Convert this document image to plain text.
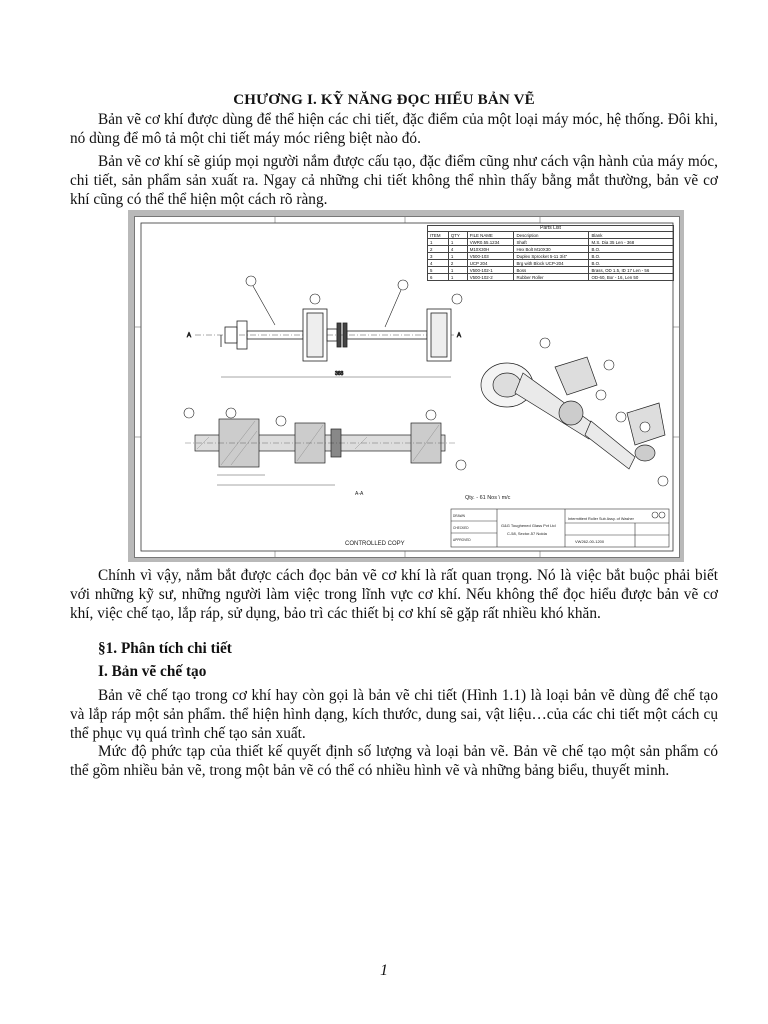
CHƯƠNG I. KỸ NĂNG ĐỌC HIỂU BẢN VẼ

Bản vẽ cơ khí được dùng để thể hiện các chi tiết, đặc điểm của một loại máy móc, hệ thống. Đôi khi, nó dùng để mô tả một chi tiết máy móc riêng biệt nào đó.

Bản vẽ cơ khí sẽ giúp mọi người nắm được cấu tạo, đặc điểm cũng như cách vận hành của máy móc, chi tiết, sản phẩm sản xuất ra. Ngay cả những chi tiết không thể nhìn thấy bằng mắt thường, bản vẽ cơ khí cũng có thể thể hiện một cách rõ ràng.

368
A	A
A-A
Qty. - 61 Nos \ m/c
DRAWN
CHECKED
APPROVED
G&G Toughened Glass Pvt Ltd
C-58, Sector-57 Noida
Intermittent Roller Sub Assy. of Washer
VW262-00-1200
CONTROLLED COPY
Parts List
ITEM	QTY	FILE NAME	Description	Blank
1	1	VWR0.55.1234	Shaft	M.S. Dia 35 Len - 368
2	4	M10X30H	Hex Bolt M10X30	B.O.
3	1	V500-103	Duplex Sprocket 5-11 3/4"	B.O.
4	2	UCP 204	Brg with Block UCP-204	B.O.
5	1	V500-102-1	Boss	Brass, OD 1.5, ID 17 Len - 56
6	1	V500-102-2	Rubber Roller	OD-60, Bor - 16, Len 50

Chính vì vậy, nắm bắt được cách đọc bản vẽ cơ khí là rất quan trọng. Nó là việc bắt buộc phải biết với những kỹ sư, những người làm việc trong lĩnh vực cơ khí. Nếu không thể đọc hiểu được bản vẽ cơ khí, việc chế tạo, lắp ráp, sử dụng, bảo trì các thiết bị cơ khí sẽ gặp rất nhiều khó khăn.

§1. Phân tích chi tiết

I. Bản vẽ chế tạo

Bản vẽ chế tạo trong cơ khí hay còn gọi là bản vẽ chi tiết (Hình 1.1) là loại bản vẽ dùng để chế tạo và lắp ráp một sản phẩm. thể hiện hình dạng, kích thước, dung sai, vật liệu…của các chi tiết một cách cụ thể phục vụ quá trình chế tạo sản xuất.

Mức độ phức tạp của thiết kế quyết định số lượng và loại bản vẽ. Bản vẽ chế tạo một sản phẩm có thể gồm nhiều bản vẽ, trong một bản vẽ có thể có nhiều hình vẽ và những bảng biểu, thuyết minh.

1
